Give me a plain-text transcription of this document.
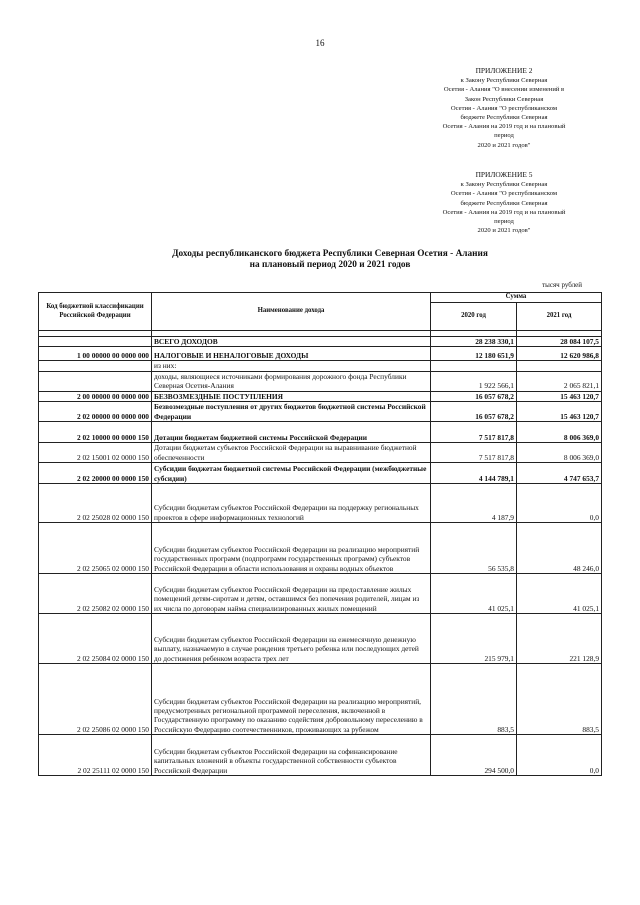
16
ПРИЛОЖЕНИЕ 2
к Закону Республики Северная
Осетия - Алания "О внесении изменений в
Закон Республики Северная
Осетия - Алания "О республиканском
бюджете Республики Северная
Осетия - Алания на 2019 год и на плановый
период
2020 и 2021 годов"
ПРИЛОЖЕНИЕ 5
к Закону Республики Северная
Осетия - Алания "О республиканском
бюджете Республики Северная
Осетия - Алания на 2019 год и на плановый
период
2020 и 2021 годов"
Доходы республиканского бюджета Республики Северная Осетия - Алания
на плановый период 2020 и 2021 годов
тысяч рублей
Код бюджетной классификации Российской Федерации	Наименование дохода	Сумма	
		2020 год	2021 год

	ВСЕГО ДОХОДОВ	28 238 330,1	28 084 107,5
1 00 00000 00 0000 000	НАЛОГОВЫЕ И НЕНАЛОГОВЫЕ ДОХОДЫ	12 180 651,9	12 620 986,8
	из них:		
	доходы, являющиеся источниками формирования дорожного фонда Республики Северная Осетия-Алания	1 922 566,1	2 065 821,1
2 00 00000 00 0000 000	БЕЗВОЗМЕЗДНЫЕ ПОСТУПЛЕНИЯ	16 057 678,2	15 463 120,7
2 02 00000 00 0000 000	Безвозмездные поступления от других бюджетов бюджетной системы Российской Федерации	16 057 678,2	15 463 120,7
2 02 10000 00 0000 150	Дотации бюджетам бюджетной системы Российской Федерации	7 517 817,8	8 006 369,0
2 02 15001 02 0000 150	Дотации бюджетам субъектов Российской Федерации на выравнивание бюджетной обеспеченности	7 517 817,8	8 006 369,0
2 02 20000 00 0000 150	Субсидии бюджетам бюджетной системы Российской Федерации (межбюджетные субсидии)	4 144 789,1	4 747 653,7
2 02 25028 02 0000 150	Субсидии бюджетам субъектов Российской Федерации на поддержку региональных проектов в сфере информационных технологий	4 187,9	0,0
2 02 25065 02 0000 150	Субсидии бюджетам субъектов Российской Федерации на реализацию мероприятий государственных программ (подпрограмм государственных программ) субъектов Российской Федерации в области использования и охраны водных объектов	56 535,8	48 246,0
2 02 25082 02 0000 150	Субсидии бюджетам субъектов Российской Федерации на предоставление жилых помещений детям-сиротам и детям, оставшимся без попечения родителей, лицам из их числа по договорам найма специализированных жилых помещений	41 025,1	41 025,1
2 02 25084 02 0000 150	Субсидии бюджетам субъектов Российской Федерации на ежемесячную денежную выплату, назначаемую в случае рождения третьего ребенка или последующих детей до достижения ребенком возраста трех лет	215 979,1	221 128,9
2 02 25086 02 0000 150	Субсидии бюджетам субъектов Российской Федерации на реализацию мероприятий, предусмотренных региональной программой переселения, включенной в Государственную программу по оказанию содействия добровольному переселению в Российскую Федерацию соотечественников, проживающих за рубежом	883,5	883,5
2 02 25111 02 0000 150	Субсидии бюджетам субъектов Российской Федерации на софинансирование капитальных вложений в объекты государственной собственности субъектов Российской Федерации	294 500,0	0,0
